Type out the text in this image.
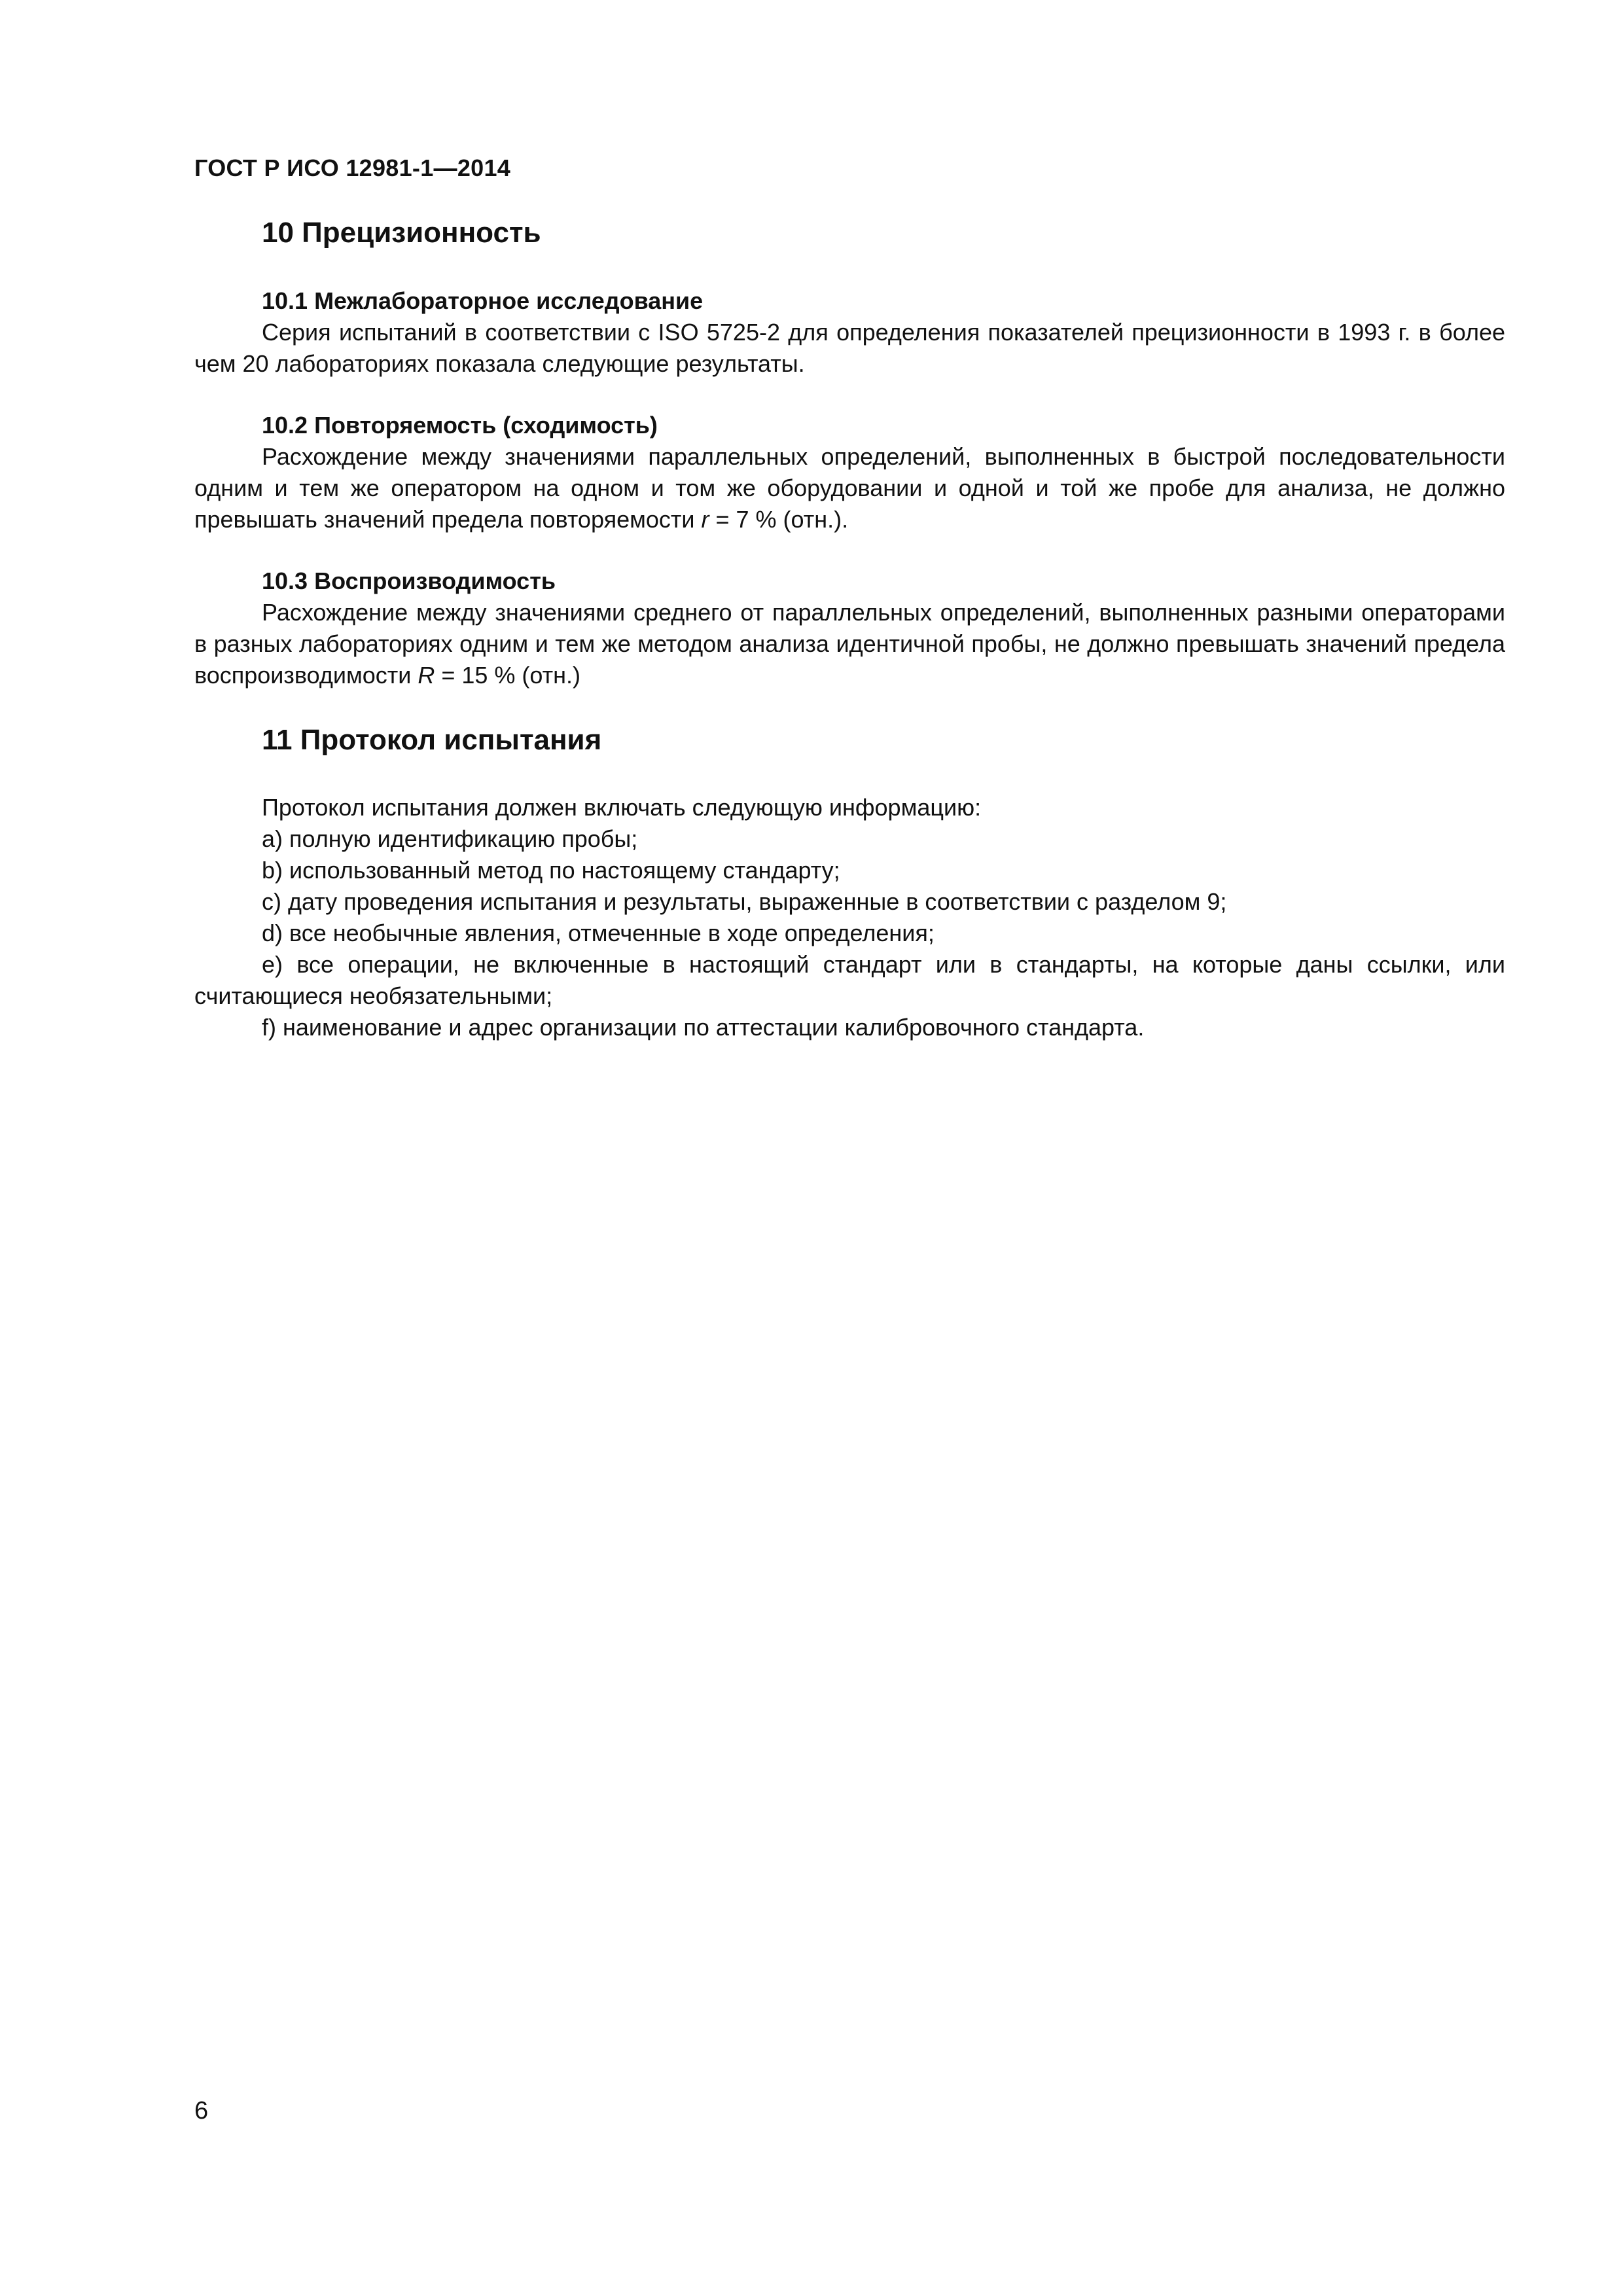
ГОСТ Р ИСО 12981-1—2014
10 Прецизионность
10.1 Межлабораторное исследование

Серия испытаний в соответствии с ISO 5725-2 для определения показателей прецизионности в 1993 г. в более чем 20 лабораториях показала следующие результаты.

10.2 Повторяемость (сходимость)

Расхождение между значениями параллельных определений, выполненных в быстрой последовательности одним и тем же оператором на одном и том же оборудовании и одной и той же пробе для анализа, не должно превышать значений предела повторяемости r = 7 % (отн.).

10.3 Воспроизводимость

Расхождение между значениями среднего от параллельных определений, выполненных разными операторами в разных лабораториях одним и тем же методом анализа идентичной пробы, не должно превышать значений предела воспроизводимости R = 15 % (отн.)

11 Протокол испытания

Протокол испытания должен включать следующую информацию:

a) полную идентификацию пробы;

b) использованный метод по настоящему стандарту;

c) дату проведения испытания и результаты, выраженные в соответствии с разделом 9;

d) все необычные явления, отмеченные в ходе определения;

e) все операции, не включенные в настоящий стандарт или в стандарты, на которые даны ссылки, или считающиеся необязательными;

f) наименование и адрес организации по аттестации калибровочного стандарта.

6
